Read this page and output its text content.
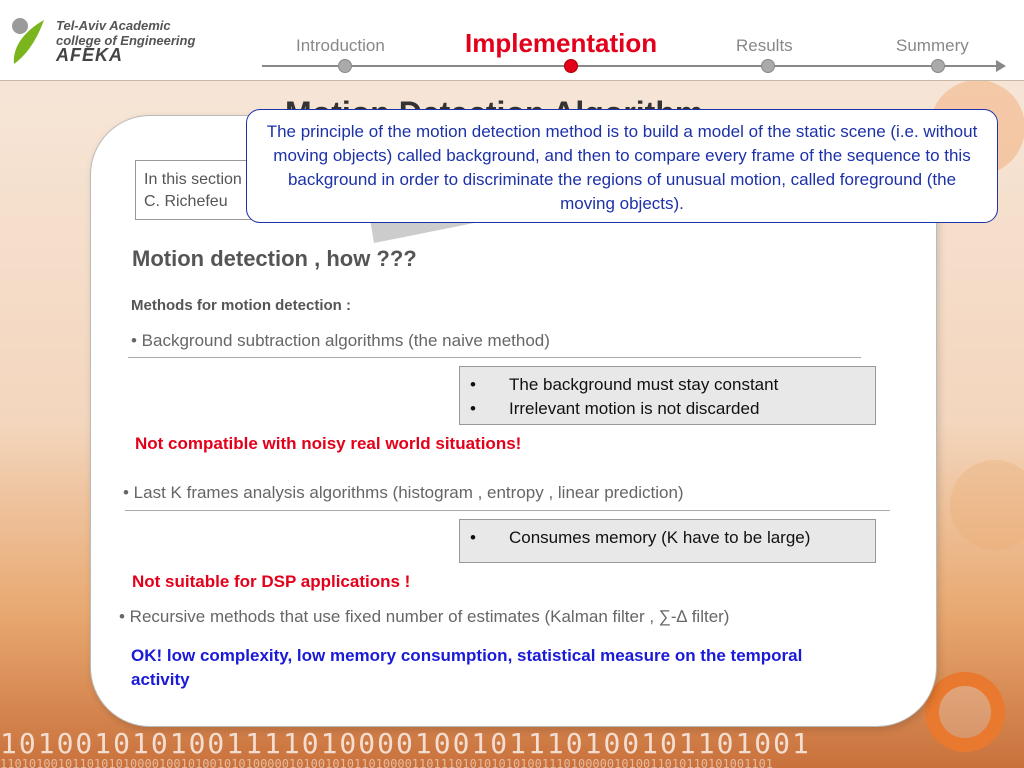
Tel-Aviv Academic
college of Engineering
AFEKA	Introduction	Implementation	Results	Summery
In this section
C. Richefeu
The principle of the motion detection method is to build a model of the static scene (i.e. without moving objects) called background, and then to compare every frame of the sequence to this background in order to discriminate the regions of unusual motion, called foreground (the moving objects).
Motion detection , how ???
Methods for motion detection :
• Background subtraction algorithms (the naive method)
• The background must stay constant
• Irrelevant motion is not discarded
Not compatible with noisy real world situations!
• Last K frames analysis algorithms (histogram , entropy , linear prediction)
• Consumes memory (K have to be large)
Not suitable for DSP applications !
• Recursive methods that use fixed number of estimates (Kalman filter , ∑-∆ filter)
OK! low complexity, low memory consumption, statistical measure on the temporal activity
1010010101001111010000100101110100101101001
11010100101101010100001001010010101000001010010101101000011011101010101010011101000001010011010110101001101
